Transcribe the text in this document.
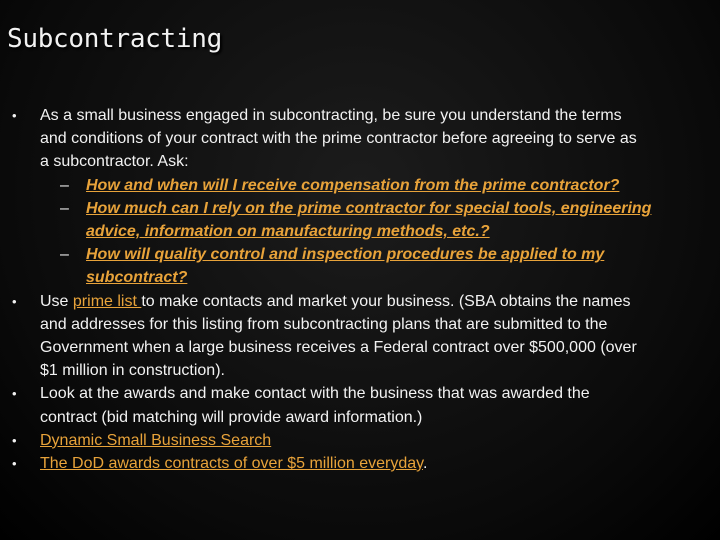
Subcontracting
• As a small business engaged in subcontracting, be sure you understand the terms
and conditions of your contract with the prime contractor before agreeing to serve as
a subcontractor. Ask:
– How and when will I receive compensation from the prime contractor?
– How much can I rely on the prime contractor for special tools, engineering
advice, information on manufacturing methods, etc.?
– How will quality control and inspection procedures be applied to my
subcontract?
• Use prime list to make contacts and market your business. (SBA obtains the names
and addresses for this listing from subcontracting plans that are submitted to the
Government when a large business receives a Federal contract over $500,000 (over
$1 million in construction).
• Look at the awards and make contact with the business that was awarded the
contract (bid matching will provide award information.)
• Dynamic Small Business Search
• The DoD awards contracts of over $5 million everyday.
